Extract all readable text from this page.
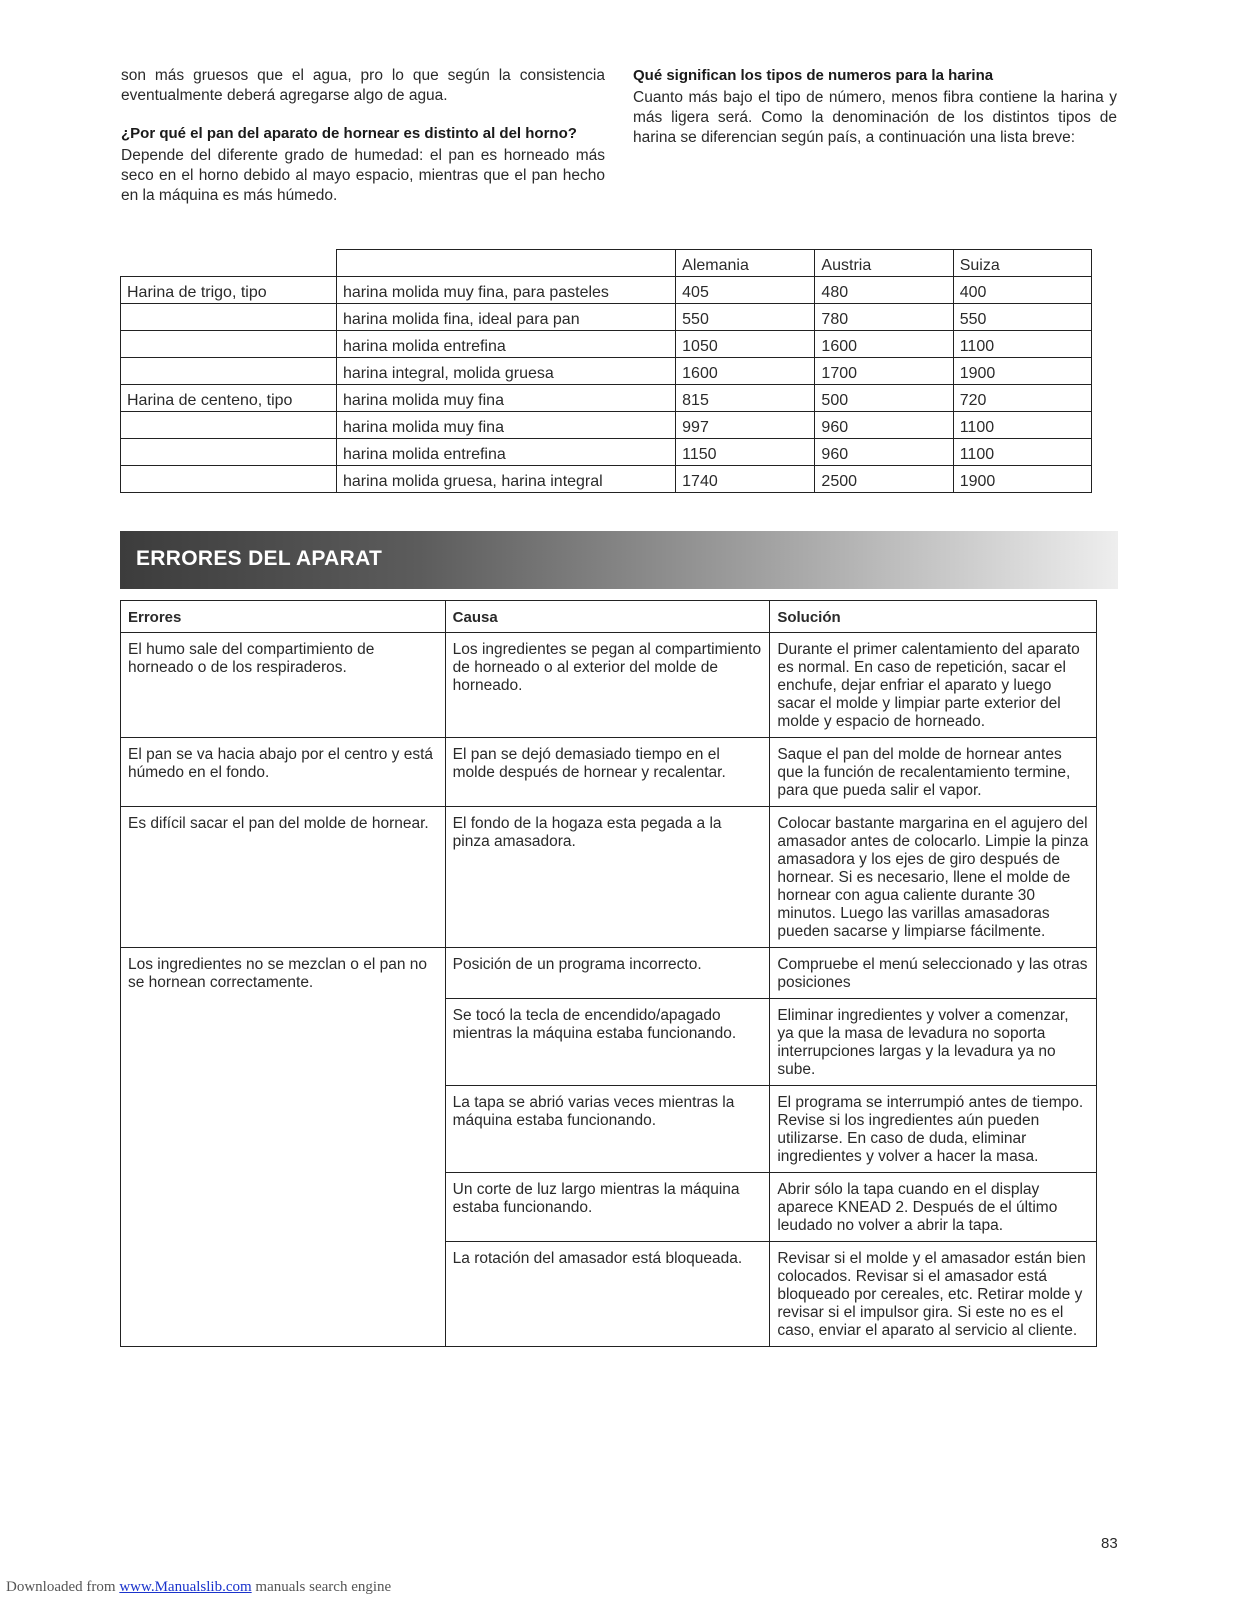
son más gruesos que el agua, pro lo que según la consistencia eventualmente deberá agregarse algo de agua.

¿Por qué el pan del aparato de hornear es distinto al del horno?

Depende del diferente grado de humedad: el pan es horneado más seco en el horno debido al mayo espacio, mientras que el pan hecho en la máquina es más húmedo.

Qué significan los tipos de numeros para la harina

Cuanto más bajo el tipo de número, menos fibra contiene la harina y más ligera será. Como la denominación de los distintos tipos de harina se diferencian según país, a continuación una lista breve:

		Alemania	Austria	Suiza
Harina de trigo, tipo	harina molida muy fina, para pasteles	405	480	400
	harina molida fina, ideal para pan	550	780	550
	harina molida entrefina	1050	1600	1100
	harina integral, molida gruesa	1600	1700	1900
Harina de centeno, tipo	harina molida muy fina	815	500	720
	harina molida muy fina	997	960	1100
	harina molida entrefina	1150	960	1100
	harina molida gruesa, harina integral	1740	2500	1900
ERRORES DEL APARAT
Errores	Causa	Solución
El humo sale del compartimiento de horneado o de los respiraderos.	Los ingredientes se pegan al compartimiento de horneado o al exterior del molde de horneado.	Durante el primer calentamiento del aparato es normal. En caso de repetición, sacar el enchufe, dejar enfriar el aparato y luego sacar el molde y limpiar parte exterior del molde y espacio de horneado.
El pan se va hacia abajo por el centro y está húmedo en el fondo.	El pan se dejó demasiado tiempo en el molde después de hornear y recalentar.	Saque el pan del molde de hornear antes que la función de recalentamiento termine, para que pueda salir el vapor.
Es difícil sacar el pan del molde de hornear.	El fondo de la hogaza esta pegada a la pinza amasadora.	Colocar bastante margarina en el agujero del amasador antes de colocarlo. Limpie la pinza amasadora y los ejes de giro después de hornear. Si es necesario, llene el molde de hornear con agua caliente durante 30 minutos. Luego las varillas amasadoras pueden sacarse y limpiarse fácilmente.
Los ingredientes no se mezclan o el pan no se hornean correctamente.	Posición de un programa incorrecto.	Compruebe el menú seleccionado y las otras posiciones
	Se tocó la tecla de encendido/apagado mientras la máquina estaba funcionando.	Eliminar ingredientes y volver a comenzar, ya que la masa de levadura no soporta interrupciones largas y la levadura ya no sube.
	La tapa se abrió varias veces mientras la máquina estaba funcionando.	El programa se interrumpió antes de tiempo. Revise si los ingredientes aún pueden utilizarse. En caso de duda, eliminar ingredientes y volver a hacer la masa.
	Un corte de luz largo mientras la máquina estaba funcionando.	Abrir sólo la tapa cuando en el display aparece KNEAD 2. Después de el último leudado no volver a abrir la tapa.
	La rotación del amasador está bloqueada.	Revisar si el molde y el amasador están bien colocados. Revisar si el amasador está bloqueado por cereales, etc. Retirar molde y revisar si el impulsor gira. Si este no es el caso, enviar el aparato al servicio al cliente.
83
Downloaded from www.Manualslib.com manuals search engine
